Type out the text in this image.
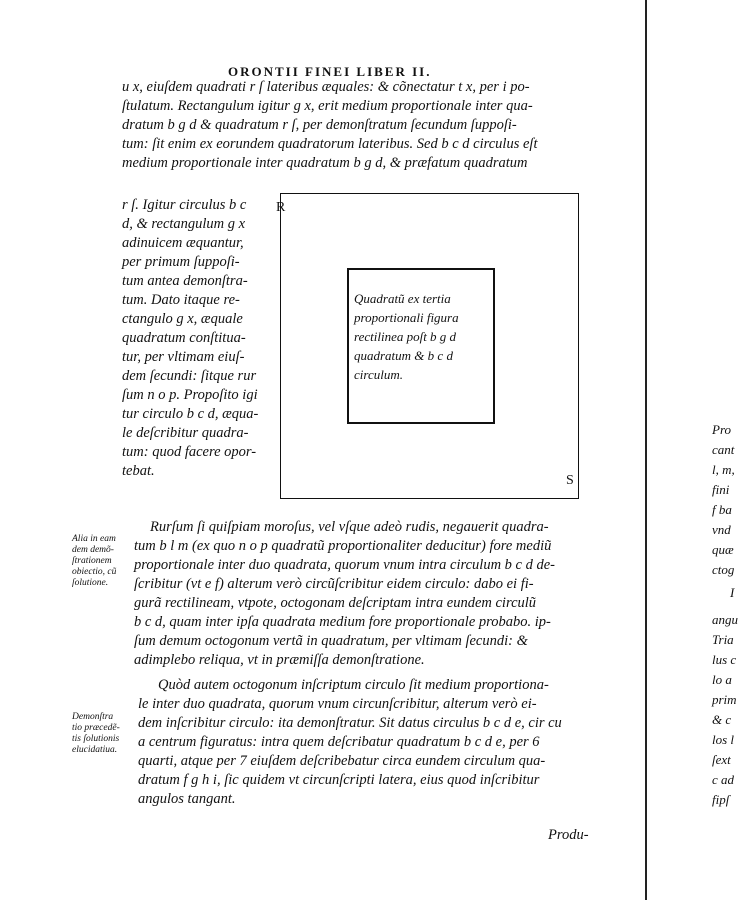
ORONTII FINEI LIBER II.
u x, eiuſdem quadrati r ſ lateribus æquales: & cõnectatur t x, per i po-
ſtulatum. Rectangulum igitur g x, erit medium proportionale inter qua-
dratum b g d & quadratum r ſ, per demonſtratum ſecundum ſuppoſi-
tum: ſit enim ex eorundem quadratorum lateribus. Sed b c d circulus eſt
medium proportionale inter quadratum b g d, & præfatum quadratum
r ſ. Igitur circulus b c
d, & rectangulum g x
adinuicem æquantur,
per primum ſuppoſi-
tum antea demonſtra-
tum. Dato itaque re-
ctangulo g x, æquale
quadratum conſtitua-
tur, per vltimam eiuſ-
dem ſecundi: ſitque rur
ſum n o p. Propoſito igi
tur circulo b c d, æqua-
le deſcribitur quadra-
tum: quod facere opor-
tebat.
R
S
Quadratũ ex tertia
proportionali figura
rectilinea poſt b g d
quadratum & b c d
circulum.
Alia in eam
dem demõ-
ſtrationem
obiectio, cũ
ſolutione.
Demonſtra
tio præcedẽ-
tis ſolutionis
elucidatiua.
Rurſum ſi quiſpiam moroſus, vel vſque adeò rudis, negauerit quadra-
tum b l m (ex quo n o p quadratũ proportionaliter deducitur) fore mediũ
proportionale inter duo quadrata, quorum vnum intra circulum b c d de-
ſcribitur (vt e f) alterum verò circũſcribitur eidem circulo: dabo ei fi-
gurã rectilineam, vtpote, octogonam deſcriptam intra eundem circulũ
b c d, quam inter ipſa quadrata medium fore proportionale probabo. ip-
ſum demum octogonum vertã in quadratum, per vltimam ſecundi: &
adimplebo reliqua, vt in præmiſſa demonſtratione.
Quòd autem octogonum inſcriptum circulo ſit medium proportiona-
le inter duo quadrata, quorum vnum circunſcribitur, alterum verò ei-
dem inſcribitur circulo: ita demonſtratur. Sit datus circulus b c d e, cir cu
a centrum figuratus: intra quem deſcribatur quadratum b c d e, per 6
quarti, atque per 7 eiuſdem deſcribebatur circa eundem circulum qua-
dratum f g h i, ſic quidem vt circunſcripti latera, eius quod inſcribitur
angulos tangant.
Produ-
Pro
cant
l, m,
fini
f ba
vnd
quæ
ctog
I
angu
Tria
lus c
lo a
prim
& c
los l
ſext
c ad
fipſ
